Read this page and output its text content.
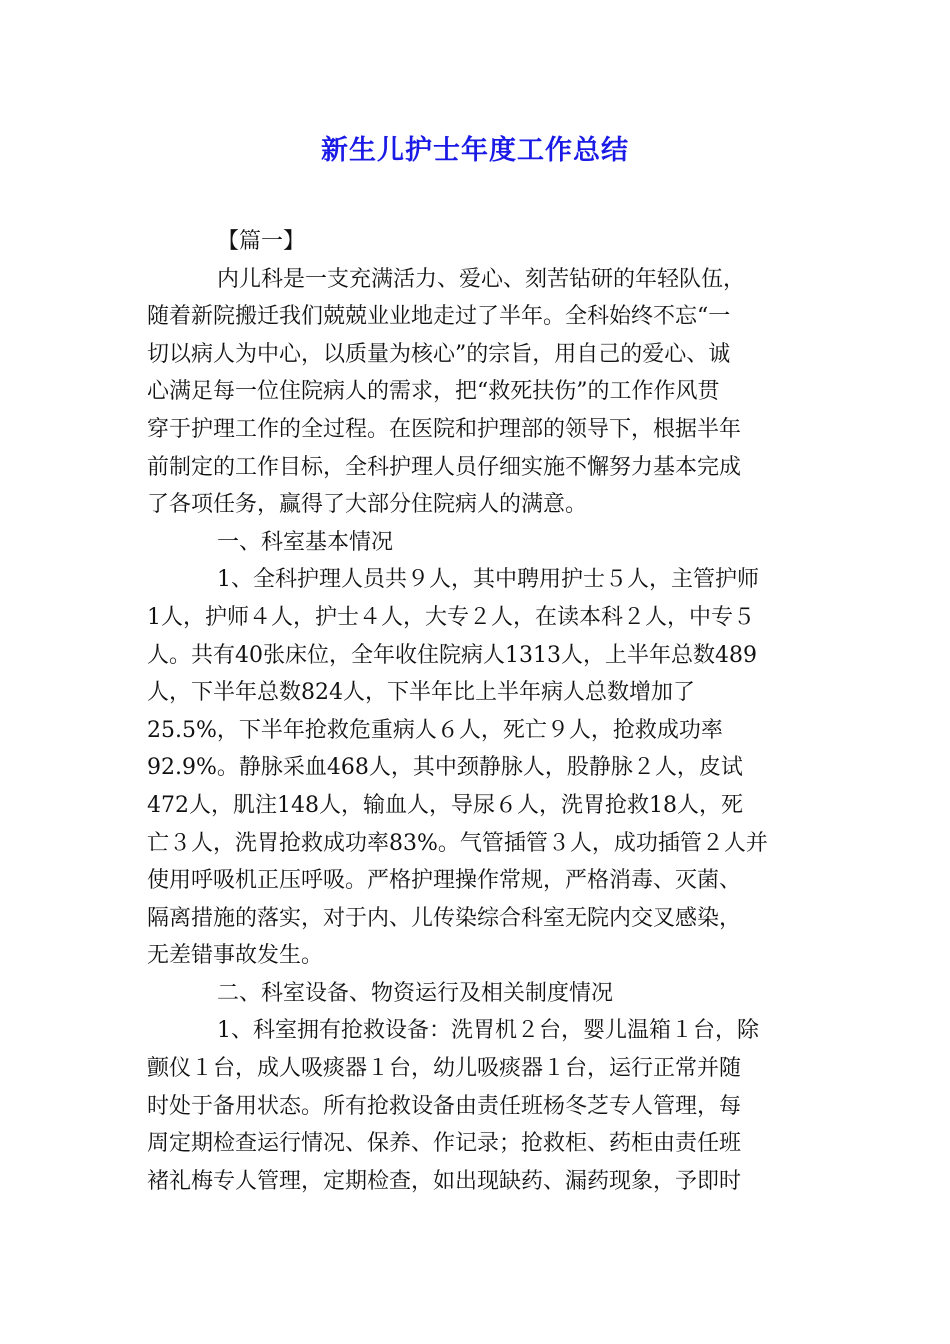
新生儿护士年度工作总结

【篇一】

内儿科是一支充满活力、爱心、刻苦钻研的年轻队伍，

随着新院搬迁我们兢兢业业地走过了半年。全科始终不忘“一

切以病人为中心，以质量为核心”的宗旨，用自己的爱心、诚

心满足每一位住院病人的需求，把“救死扶伤”的工作作风贯

穿于护理工作的全过程。在医院和护理部的领导下，根据半年

前制定的工作目标，全科护理人员仔细实施不懈努力基本完成

了各项任务，赢得了大部分住院病人的满意。

一、科室基本情况

1、全科护理人员共９人，其中聘用护士５人，主管护师

1人，护师４人，护士４人，大专２人，在读本科２人，中专５

人。共有40张床位，全年收住院病人1313人，上半年总数489

人，下半年总数824人，下半年比上半年病人总数增加了

25.5%，下半年抢救危重病人６人，死亡９人，抢救成功率

92.9%。静脉采血468人，其中颈静脉人，股静脉２人，皮试

472人，肌注148人，输血人，导尿６人，洗胃抢救18人，死

亡３人，洗胃抢救成功率83%。气管插管３人，成功插管２人并

使用呼吸机正压呼吸。严格护理操作常规，严格消毒、灭菌、

隔离措施的落实，对于内、儿传染综合科室无院内交叉感染，

无差错事故发生。

二、科室设备、物资运行及相关制度情况

1、科室拥有抢救设备：洗胃机２台，婴儿温箱１台，除

颤仪１台，成人吸痰器１台，幼儿吸痰器１台，运行正常并随

时处于备用状态。所有抢救设备由责任班杨冬芝专人管理，每

周定期检查运行情况、保养、作记录；抢救柜、药柜由责任班

褚礼梅专人管理，定期检查，如出现缺药、漏药现象，予即时
